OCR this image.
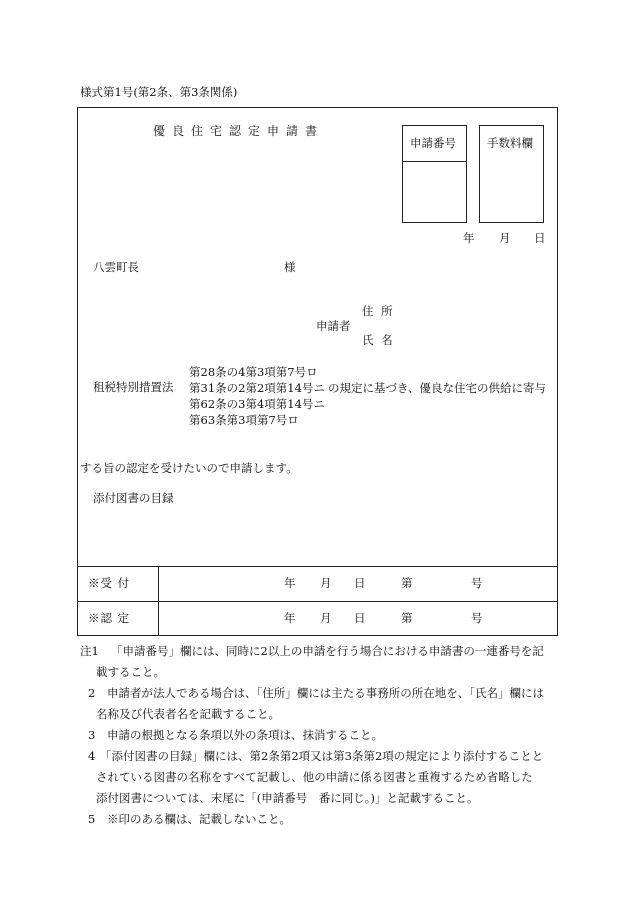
様式第1号(第2条、第3条関係)
優良住宅認定申請書
申請番号	手数料欄
年 月 日
八雲町長	様
住 所
申請者
氏 名
租税特別措置法
第28条の4第3項第7号ロ
第31条の2第2項第14号ニ
第62条の3第4項第14号ニ
第63条第3項第7号ロ
の規定に基づき、優良な住宅の供給に寄与
する旨の認定を受けたいので申請します。
添付図書の目録
※受 付	年 月 日	第	号
※認 定	年 月 日	第	号
注1 「申請番号」欄には、同時に2以上の申請を行う場合における申請書の一連番号を記
載すること。
2 申請者が法人である場合は、「住所」欄には主たる事務所の所在地を、「氏名」欄には
名称及び代表者名を記載すること。
3 申請の根拠となる条項以外の条項は、抹消すること。
4 「添付図書の目録」欄には、第2条第2項又は第3条第2項の規定により添付することと
されている図書の名称をすべて記載し、他の申請に係る図書と重複するため省略した
添付図書については、末尾に「(申請番号　番に同じ。)」と記載すること。
5 ※印のある欄は、記載しないこと。
